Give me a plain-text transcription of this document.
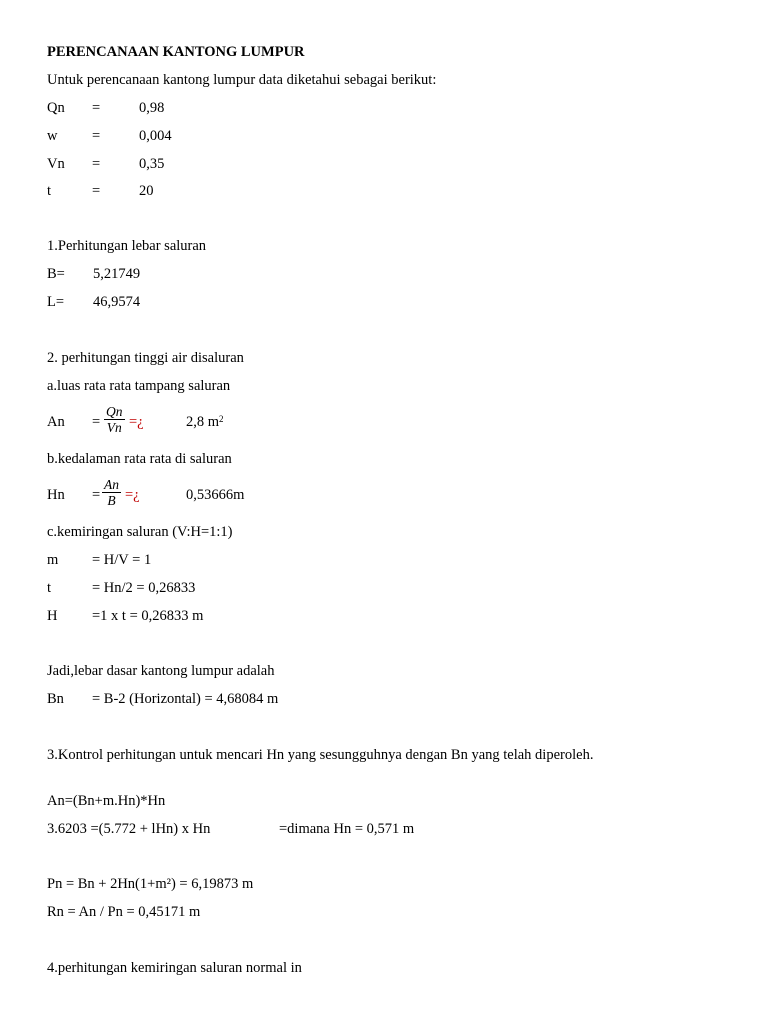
PERENCANAAN KANTONG LUMPUR
Untuk perencanaan kantong lumpur data diketahui sebagai berikut:
Qn =	0,98
w =	0,004
Vn =	0,35
t	=	20
1.Perhitungan lebar saluran
B= 5,21749
L= 46,9574
2. perhitungan tinggi air disaluran
a.luas rata rata tampang saluran
$An = \frac{Qn}{Vn}$ =¿	2,8 $m^2$
b.kedalaman rata rata di saluran
$Hn = \frac{An}{B}$ =¿	0,53666m
c.kemiringan saluran (V:H=1:1)
m = H/V = 1
t	= Hn/2 = 0,26833
H =1 x t = 0,26833 m
Jadi,lebar dasar kantong lumpur adalah
Bn = B-2 (Horizontal) = 4,68084 m
3.Kontrol perhitungan untuk mencari Hn yang sesungguhnya dengan Bn yang telah diperoleh.
An=(Bn+m.Hn)*Hn
3.6203 =(5.772 + lHn) x Hn	=dimana Hn = 0,571 m
Pn = Bn + 2Hn(1+m²) = 6,19873 m
Rn = An / Pn = 0,45171 m
4.perhitungan kemiringan saluran normal in
